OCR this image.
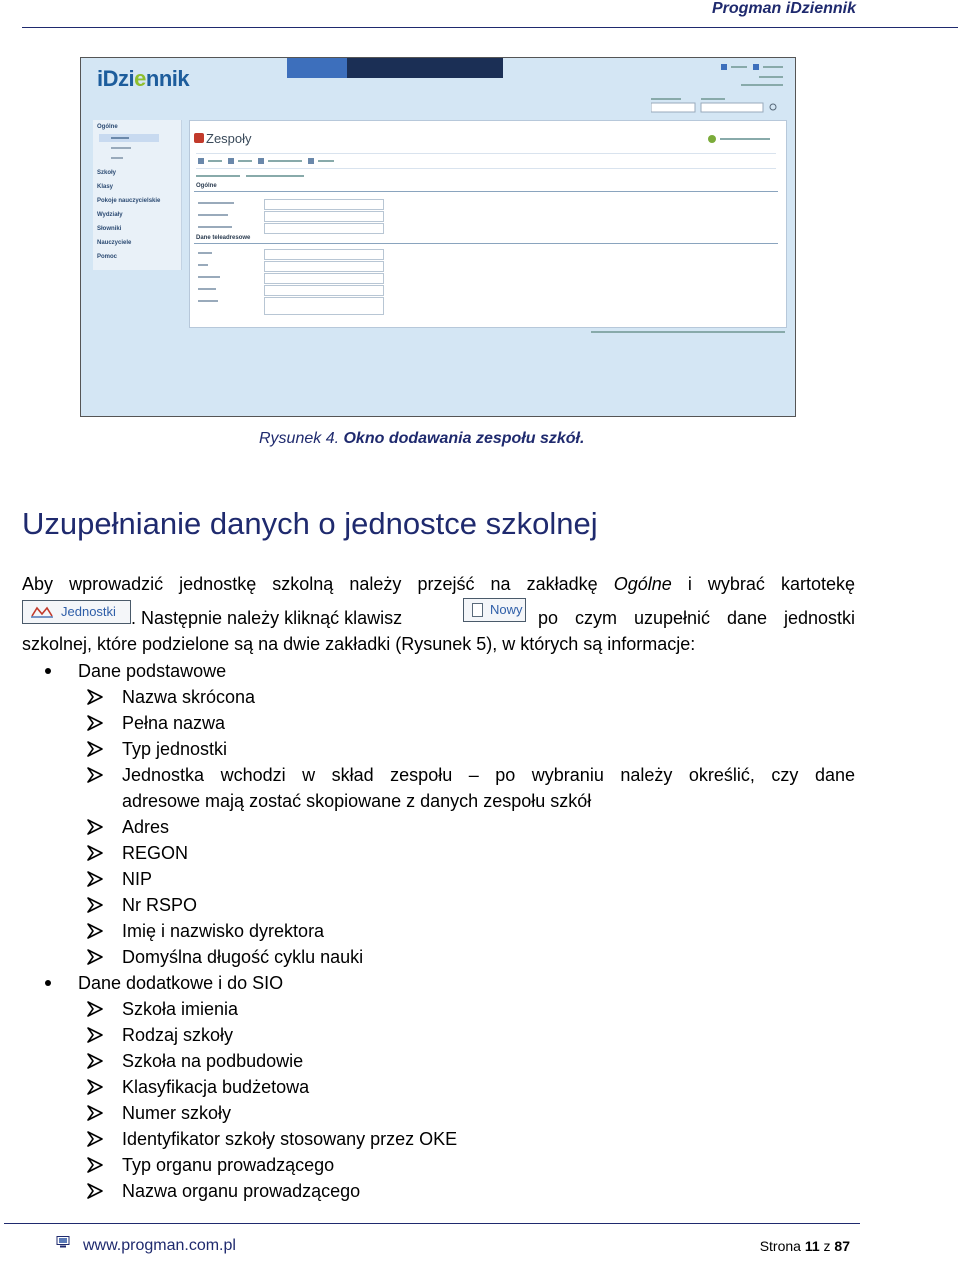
Progman iDziennik
iDziennik
Ogólne
Szkoły
Klasy
Pokoje nauczycielskie
Wydziały
Słowniki
Nauczyciele
Pomoc
Zespoły
Ogólne
Dane teleadresowe
Rysunek 4. Okno dodawania zespołu szkół.
Uzupełnianie danych o jednostce szkolnej
Aby wprowadzić jednostkę szkolną należy przejść na zakładkę Ogólne i wybrać kartotekę
Jednostki . Następnie należy kliknąć klawisz	Nowy po czym uzupełnić dane jednostki
szkolnej, które podzielone są na dwie zakładki (Rysunek 5), w których są informacje:
Dane podstawowe
Nazwa skrócona
Pełna nazwa
Typ jednostki
Jednostka wchodzi w skład zespołu – po wybraniu należy określić, czy dane
adresowe mają zostać skopiowane z danych zespołu szkół
Adres
REGON
NIP
Nr RSPO
Imię i nazwisko dyrektora
Domyślna długość cyklu nauki
Dane dodatkowe i do SIO
Szkoła imienia
Rodzaj szkoły
Szkoła na podbudowie
Klasyfikacja budżetowa
Numer szkoły
Identyfikator szkoły stosowany przez OKE
Typ organu prowadzącego
Nazwa organu prowadzącego
www.progman.com.pl	Strona 11 z 87
